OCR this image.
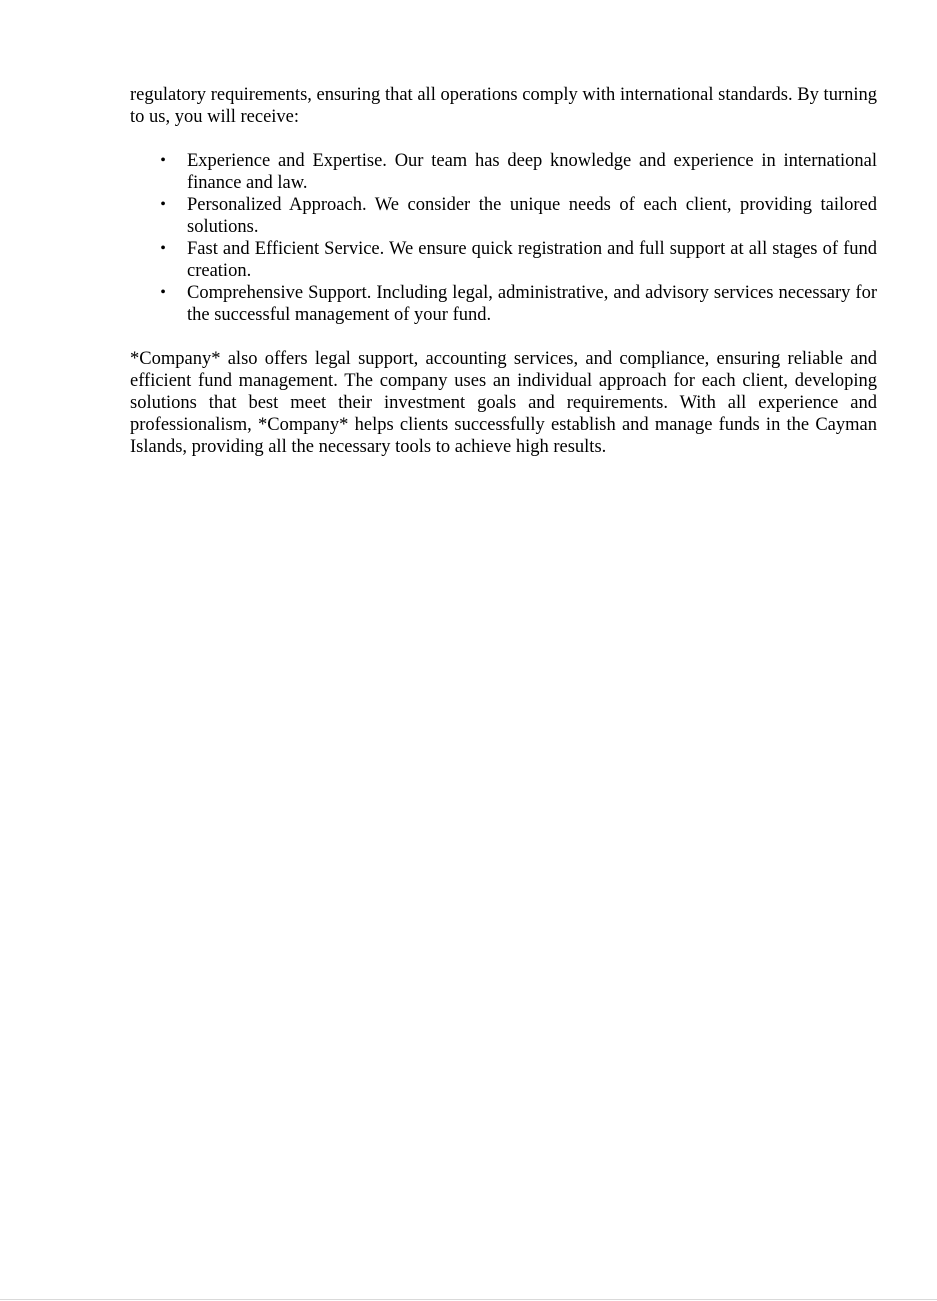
regulatory requirements, ensuring that all operations comply with international standards. By turning to us, you will receive:

• Experience and Expertise. Our team has deep knowledge and experience in international finance and law.
• Personalized Approach. We consider the unique needs of each client, providing tailored solutions.
• Fast and Efficient Service. We ensure quick registration and full support at all stages of fund creation.
• Comprehensive Support. Including legal, administrative, and advisory services necessary for the successful management of your fund.

*Company* also offers legal support, accounting services, and compliance, ensuring reliable and efficient fund management. The company uses an individual approach for each client, developing solutions that best meet their investment goals and requirements. With all experience and professionalism, *Company* helps clients successfully establish and manage funds in the Cayman Islands, providing all the necessary tools to achieve high results.
